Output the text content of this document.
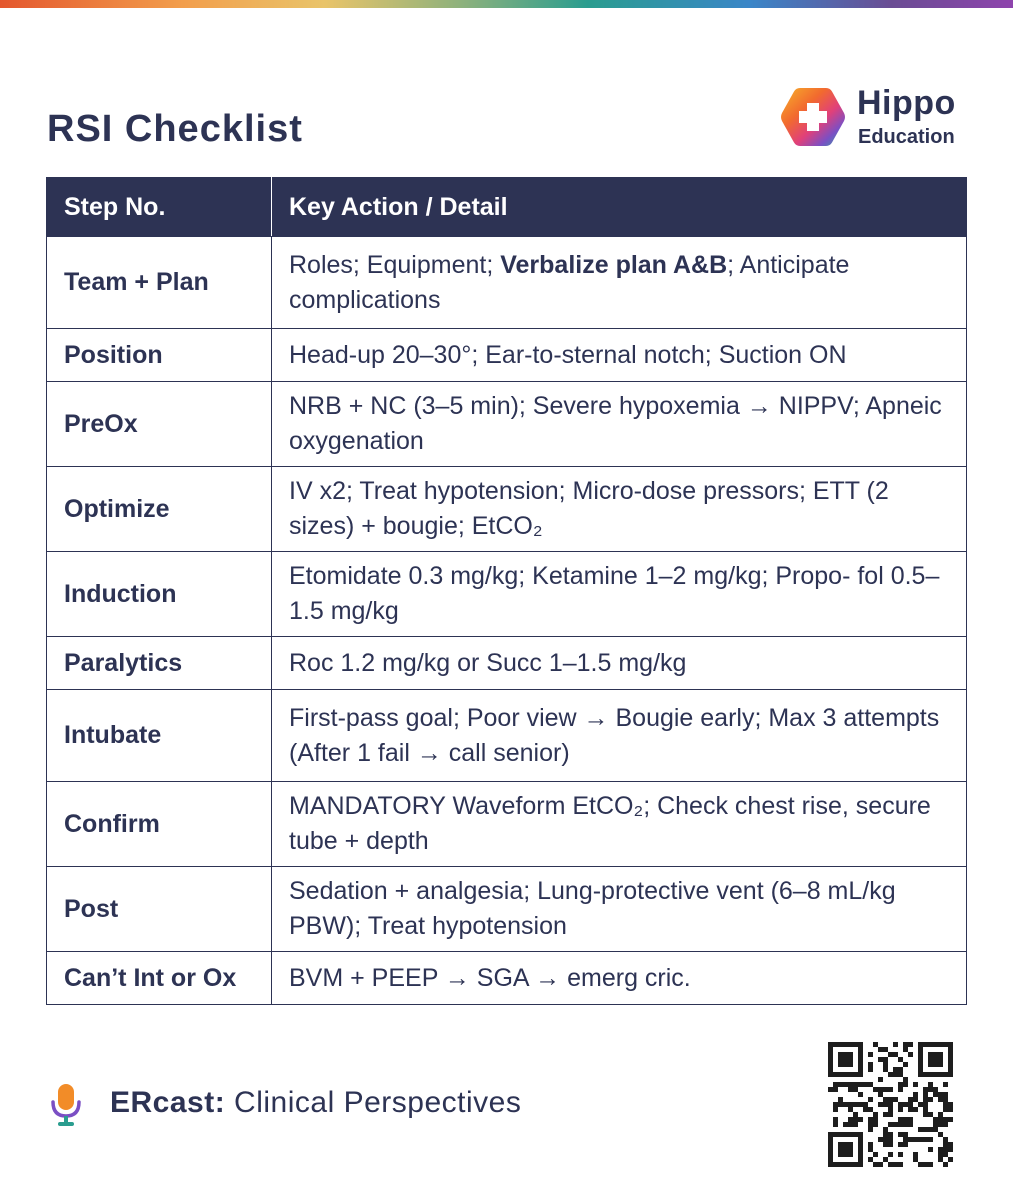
RSI Checklist
Hippo
Education
Step No.	Key Action / Detail
Team + Plan	Roles; Equipment; Verbalize plan A&B; Anticipate complications
Position	Head-up 20–30°; Ear-to-sternal notch; Suction ON
PreOx	NRB + NC (3–5 min); Severe hypoxemia → NIPPV; Apneic oxygenation
Optimize	IV x2; Treat hypotension; Micro-dose pressors; ETT (2 sizes) + bougie; EtCO₂
Induction	Etomidate 0.3 mg/kg; Ketamine 1–2 mg/kg; Propo- fol 0.5–1.5 mg/kg
Paralytics	Roc 1.2 mg/kg or Succ 1–1.5 mg/kg
Intubate	First-pass goal; Poor view → Bougie early; Max 3 attempts (After 1 fail → call senior)
Confirm	MANDATORY Waveform EtCO₂; Check chest rise, secure tube + depth
Post	Sedation + analgesia; Lung-protective vent (6–8 mL/kg PBW); Treat hypotension
Can’t Int or Ox	BVM + PEEP → SGA → emerg cric.
ERcast: Clinical Perspectives
